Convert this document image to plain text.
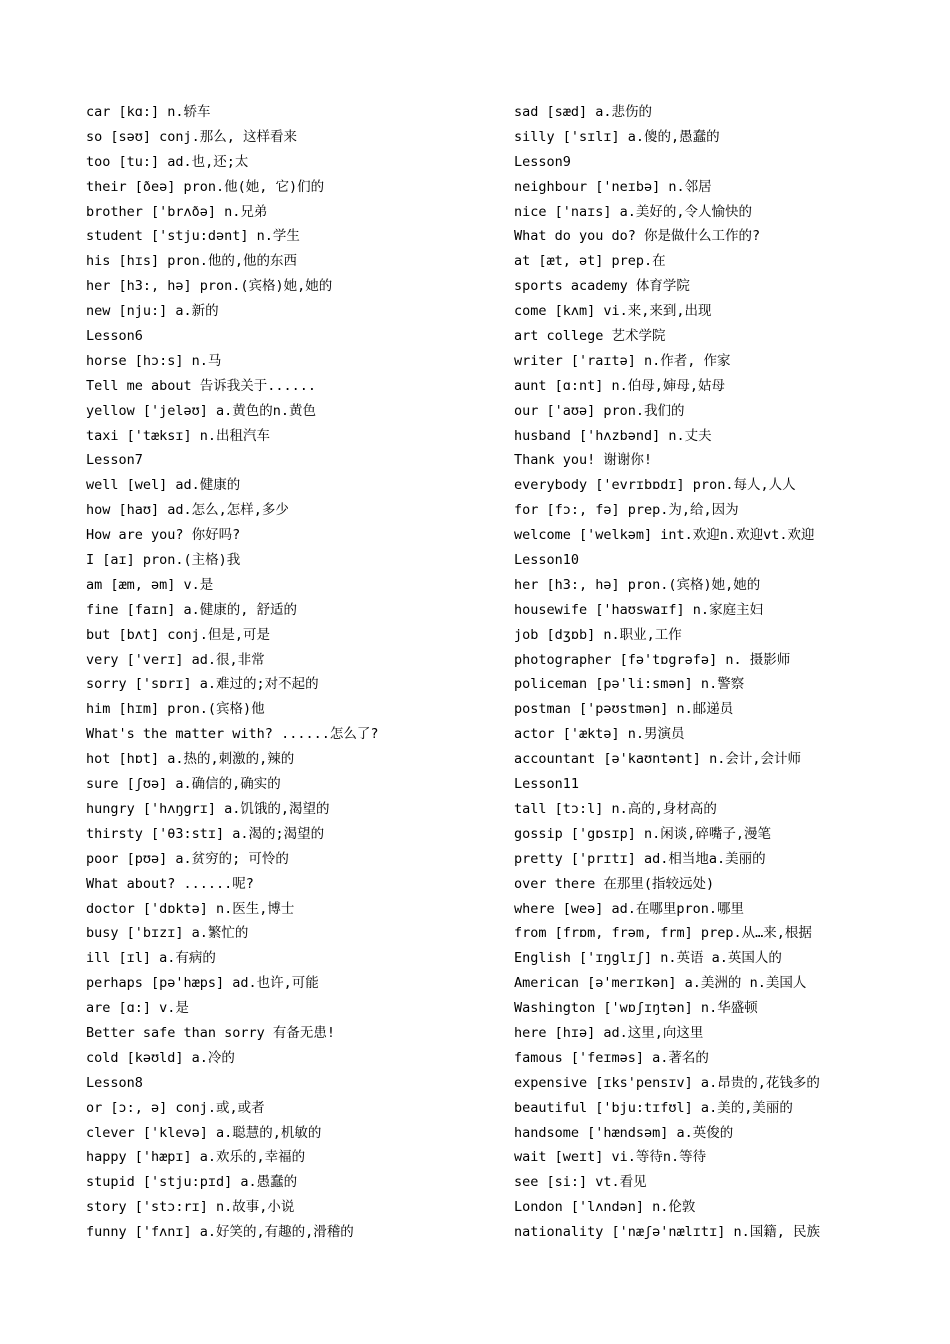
car [kɑ:] n.轿车
so [səʊ] conj.那么, 这样看来
too [tu:] ad.也,还;太
their [ðeə] pron.他(她, 它)们的
brother ['brʌðə] n.兄弟
student ['stju:dənt] n.学生
his [hɪs] pron.他的,他的东西
her [h3:, hə] pron.(宾格)她,她的
new [nju:] a.新的
Lesson6
horse [hɔ:s] n.马
Tell me about 告诉我关于......
yellow ['jeləʊ] a.黄色的n.黄色
taxi ['tæksɪ] n.出租汽车
Lesson7
well [wel] ad.健康的
how [haʊ] ad.怎么,怎样,多少
How are you? 你好吗?
I [aɪ] pron.(主格)我
am [æm, əm] v.是
fine [faɪn] a.健康的, 舒适的
but [bʌt] conj.但是,可是
very ['verɪ] ad.很,非常
sorry ['sɒrɪ] a.难过的;对不起的
him [hɪm] pron.(宾格)他
What's the matter with? ......怎么了?
hot [hɒt] a.热的,刺激的,辣的
sure [ʃʊə] a.确信的,确实的
hungry ['hʌŋgrɪ] a.饥饿的,渴望的
thirsty ['θ3:stɪ] a.渴的;渴望的
poor [pʊə] a.贫穷的; 可怜的
What about? ......呢?
doctor ['dɒktə] n.医生,博士
busy ['bɪzɪ] a.繁忙的
ill [ɪl] a.有病的
perhaps [pə'hæps] ad.也许,可能
are [ɑ:] v.是
Better safe than sorry 有备无患!
cold [kəʊld] a.冷的
Lesson8
or [ɔ:, ə] conj.或,或者
clever ['klevə] a.聪慧的,机敏的
happy ['hæpɪ] a.欢乐的,幸福的
stupid ['stju:pɪd] a.愚蠢的
story ['stɔ:rɪ] n.故事,小说
funny ['fʌnɪ] a.好笑的,有趣的,滑稽的
sad [sæd] a.悲伤的
silly ['sɪlɪ] a.傻的,愚蠢的
Lesson9
neighbour ['neɪbə] n.邻居
nice ['naɪs] a.美好的,令人愉快的
What do you do? 你是做什么工作的?
at [æt, ət] prep.在
sports academy 体育学院
come [kʌm] vi.来,来到,出现
art college 艺术学院
writer ['raɪtə] n.作者, 作家
aunt [ɑ:nt] n.伯母,婶母,姑母
our ['aʊə] pron.我们的
husband ['hʌzbənd] n.丈夫
Thank you! 谢谢你!
everybody ['evrɪbɒdɪ] pron.每人,人人
for [fɔ:, fə] prep.为,给,因为
welcome ['welkəm] int.欢迎n.欢迎vt.欢迎
Lesson10
her [h3:, hə] pron.(宾格)她,她的
housewife ['haʊswaɪf] n.家庭主妇
job [dʒɒb] n.职业,工作
photographer [fə'tɒgrəfə] n. 摄影师
policeman [pə'li:smən] n.警察
postman ['pəʊstmən] n.邮递员
actor ['æktə] n.男演员
accountant [ə'kaʊntənt] n.会计,会计师
Lesson11
tall [tɔ:l] n.高的,身材高的
gossip ['gɒsɪp] n.闲谈,碎嘴子,漫笔
pretty ['prɪtɪ] ad.相当地a.美丽的
over there 在那里(指较远处)
where [weə] ad.在哪里pron.哪里
from [frɒm, frəm, frm] prep.从…来,根据
English ['ɪŋglɪʃ] n.英语 a.英国人的
American [ə'merɪkən] a.美洲的 n.美国人
Washington ['wɒʃɪŋtən] n.华盛顿
here [hɪə] ad.这里,向这里
famous ['feɪməs] a.著名的
expensive [ɪks'pensɪv] a.昂贵的,花钱多的
beautiful ['bju:tɪfʊl] a.美的,美丽的
handsome ['hændsəm] a.英俊的
wait [weɪt] vi.等待n.等待
see [si:] vt.看见
London ['lʌndən] n.伦敦
nationality ['næʃə'nælɪtɪ] n.国籍, 民族
